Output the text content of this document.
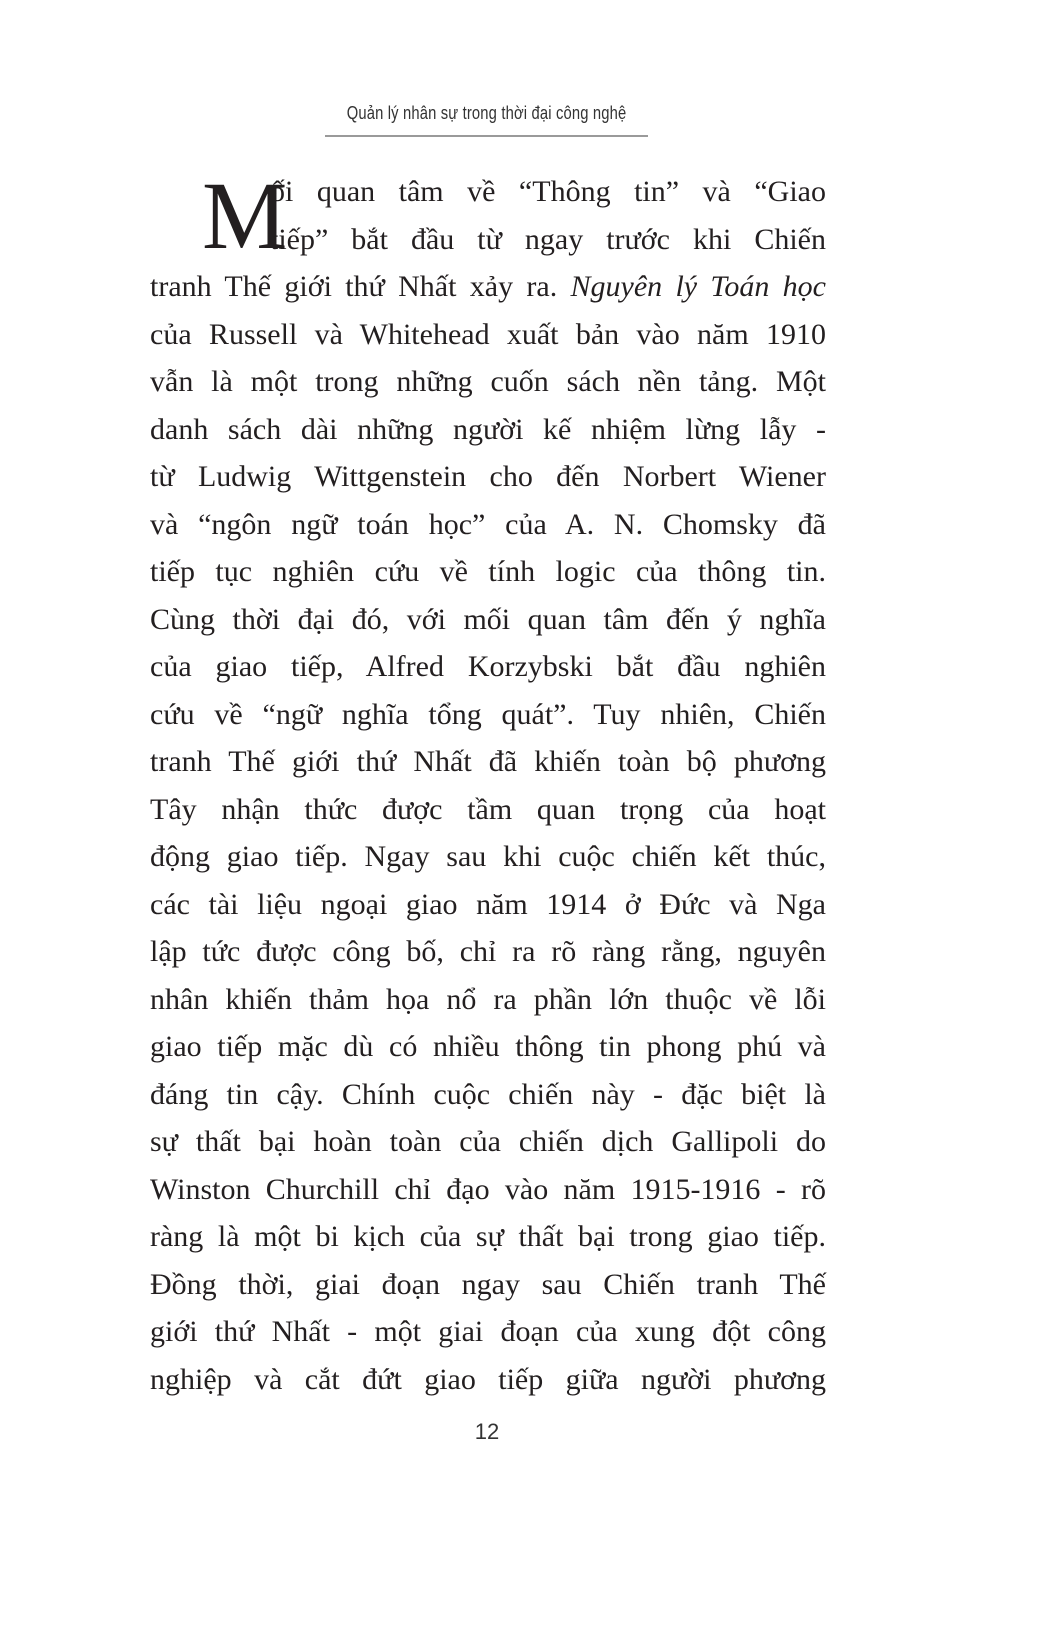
Quản lý nhân sự trong thời đại công nghệ
M
ối quan tâm về “Thông tin” và “Giao
tiếp” bắt đầu từ ngay trước khi Chiến
tranh Thế giới thứ Nhất xảy ra. Nguyên lý Toán học
của Russell và Whitehead xuất bản vào năm 1910
vẫn là một trong những cuốn sách nền tảng. Một
danh sách dài những người kế nhiệm lừng lẫy -
từ Ludwig Wittgenstein cho đến Norbert Wiener
và “ngôn ngữ toán học” của A. N. Chomsky đã
tiếp tục nghiên cứu về tính logic của thông tin.
Cùng thời đại đó, với mối quan tâm đến ý nghĩa
của giao tiếp, Alfred Korzybski bắt đầu nghiên
cứu về “ngữ nghĩa tổng quát”. Tuy nhiên, Chiến
tranh Thế giới thứ Nhất đã khiến toàn bộ phương
Tây nhận thức được tầm quan trọng của hoạt
động giao tiếp. Ngay sau khi cuộc chiến kết thúc,
các tài liệu ngoại giao năm 1914 ở Đức và Nga
lập tức được công bố, chỉ ra rõ ràng rằng, nguyên
nhân khiến thảm họa nổ ra phần lớn thuộc về lỗi
giao tiếp mặc dù có nhiều thông tin phong phú và
đáng tin cậy. Chính cuộc chiến này - đặc biệt là
sự thất bại hoàn toàn của chiến dịch Gallipoli do
Winston Churchill chỉ đạo vào năm 1915-1916 - rõ
ràng là một bi kịch của sự thất bại trong giao tiếp.
Đồng thời, giai đoạn ngay sau Chiến tranh Thế
giới thứ Nhất - một giai đoạn của xung đột công
nghiệp và cắt đứt giao tiếp giữa người phương
12
